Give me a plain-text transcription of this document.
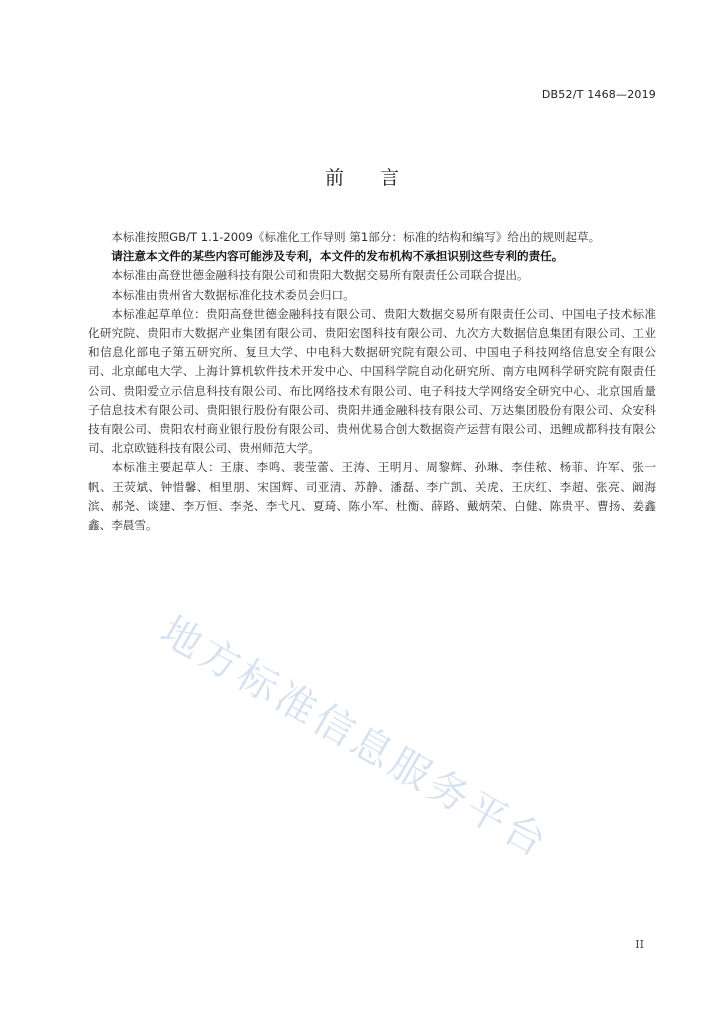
DB52/T 1468—2019
前言

本标准按照GB/T 1.1-2009《标准化工作导则 第1部分：标准的结构和编写》给出的规则起草。

请注意本文件的某些内容可能涉及专利，本文件的发布机构不承担识别这些专利的责任。

本标准由高登世德金融科技有限公司和贵阳大数据交易所有限责任公司联合提出。

本标准由贵州省大数据标准化技术委员会归口。

本标准起草单位：贵阳高登世德金融科技有限公司、贵阳大数据交易所有限责任公司、中国电子技术标准化研究院、贵阳市大数据产业集团有限公司、贵阳宏图科技有限公司、九次方大数据信息集团有限公司、工业和信息化部电子第五研究所、复旦大学、中电科大数据研究院有限公司、中国电子科技网络信息安全有限公司、北京邮电大学、上海计算机软件技术开发中心、中国科学院自动化研究所、南方电网科学研究院有限责任公司、贵阳爱立示信息科技有限公司、布比网络技术有限公司、电子科技大学网络安全研究中心、北京国盾量子信息技术有限公司、贵阳银行股份有限公司、贵阳井通金融科技有限公司、万达集团股份有限公司、众安科技有限公司、贵阳农村商业银行股份有限公司、贵州优易合创大数据资产运营有限公司、迅鲤成都科技有限公司、北京欧链科技有限公司、贵州师范大学。

本标准主要起草人：王康、李鸣、裴莹蕾、王涛、王明月、周黎辉、孙琳、李佳秾、杨菲、许军、张一帆、王荧斌、钟惜馨、相里朋、宋国辉、司亚清、苏静、潘磊、李广凯、关虎、王庆红、李超、张亮、阚海滨、郝尧、谈建、李万恒、李尧、李弋凡、夏琦、陈小军、杜衡、薛路、戴炳荣、白健、陈贵平、曹扬、姜鑫鑫、李晨雪。

地方标准信息服务平台
II
